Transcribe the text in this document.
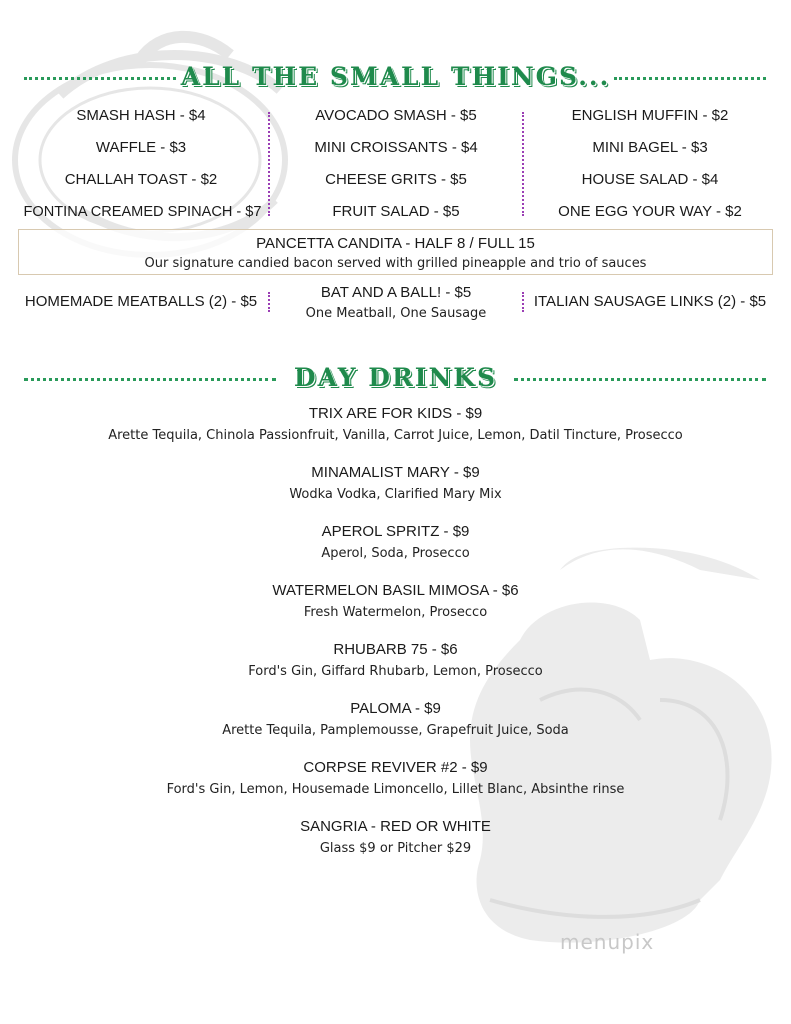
ALL THE SMALL THINGS...
SMASH HASH - $4
WAFFLE - $3
CHALLAH TOAST - $2
FONTINA CREAMED SPINACH - $7
AVOCADO SMASH - $5
MINI CROISSANTS - $4
CHEESE GRITS - $5
FRUIT SALAD - $5
ENGLISH MUFFIN - $2
MINI BAGEL - $3
HOUSE SALAD - $4
ONE EGG YOUR WAY - $2
PANCETTA CANDITA - HALF 8 / FULL 15
Our signature candied bacon served with grilled pineapple and trio of sauces
HOMEMADE MEATBALLS (2) - $5
BAT AND A BALL! - $5
One Meatball, One Sausage
ITALIAN SAUSAGE LINKS (2) - $5
DAY DRINKS
TRIX ARE FOR KIDS - $9
Arette Tequila, Chinola Passionfruit, Vanilla, Carrot Juice, Lemon, Datil Tincture, Prosecco
MINAMALIST MARY - $9
Wodka Vodka, Clarified Mary Mix
APEROL SPRITZ - $9
Aperol, Soda, Prosecco
WATERMELON BASIL MIMOSA - $6
Fresh Watermelon, Prosecco
RHUBARB 75 - $6
Ford's Gin, Giffard Rhubarb, Lemon, Prosecco
PALOMA - $9
Arette Tequila, Pamplemousse, Grapefruit Juice, Soda
CORPSE REVIVER #2 - $9
Ford's Gin, Lemon, Housemade Limoncello, Lillet Blanc, Absinthe rinse
SANGRIA - RED OR WHITE
Glass $9 or Pitcher $29
menupix
